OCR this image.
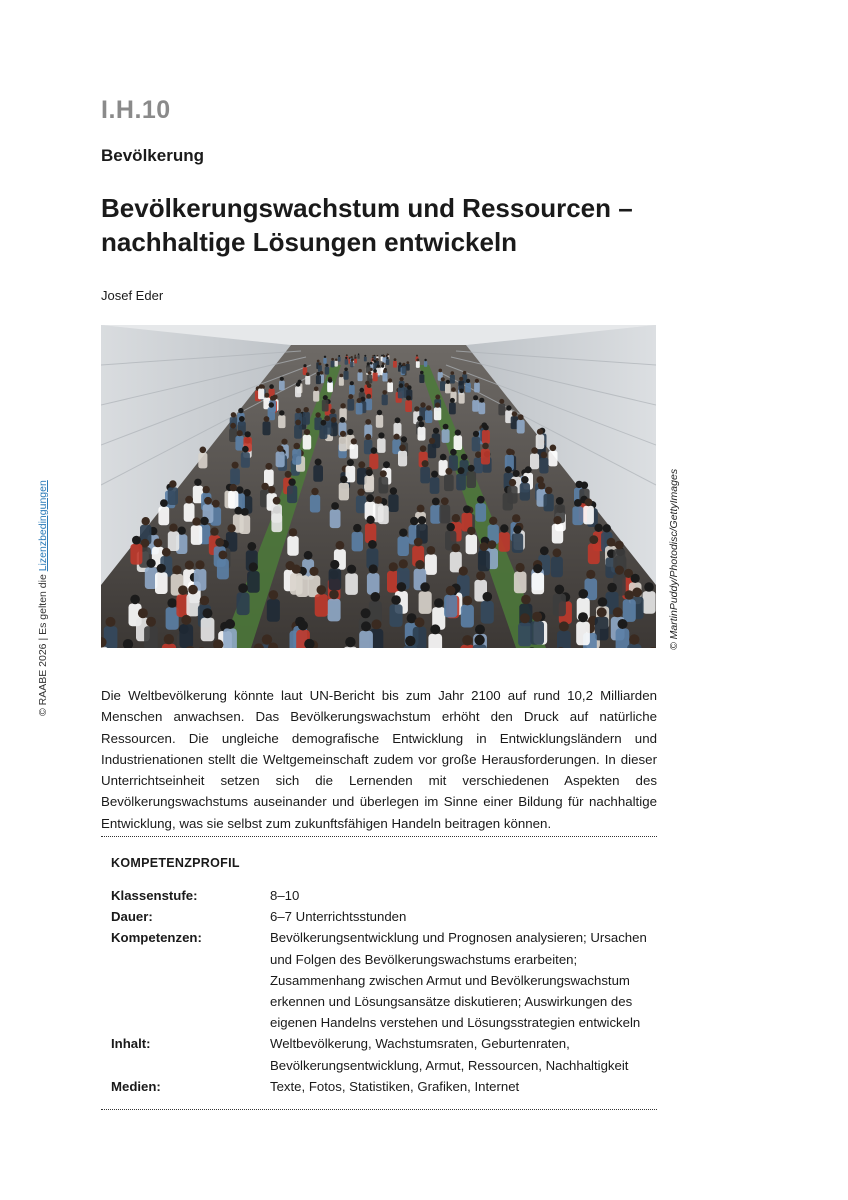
I.H.10
Bevölkerung
Bevölkerungswachstum und Ressourcen –
nachhaltige Lösungen entwickeln
Josef Eder
© MartinPuddy/Photodisc/GettyImages
© RAABE 2026 | Es gelten die Lizenzbedingungen

Die Weltbevölkerung könnte laut UN-Bericht bis zum Jahr 2100 auf rund 10,2 Milliarden Menschen anwachsen. Das Bevölkerungswachstum erhöht den Druck auf natürliche Ressourcen. Die ungleiche demografische Entwicklung in Entwicklungsländern und Industrienationen stellt die Weltgemeinschaft zudem vor große Herausforderungen. In dieser Unterrichtseinheit setzen sich die Lernenden mit verschiedenen Aspekten des Bevölkerungswachstums auseinander und überlegen im Sinne einer Bildung für nachhaltige Entwicklung, was sie selbst zum zukunftsfähigen Handeln beitragen können.

KOMPETENZPROFIL
Klassenstufe:	8–10
Dauer:	6–7 Unterrichtsstunden
Kompetenzen:	Bevölkerungsentwicklung und Prognosen analysieren; Ursachen und Folgen des Bevölkerungswachstums erarbeiten; Zusammenhang zwischen Armut und Bevölkerungswachstum erkennen und Lösungsansätze diskutieren; Auswirkungen des eigenen Handelns verstehen und Lösungsstrategien entwickeln
Inhalt:	Weltbevölkerung, Wachstumsraten, Geburtenraten, Bevölkerungsentwicklung, Armut, Ressourcen, Nachhaltigkeit
Medien:	Texte, Fotos, Statistiken, Grafiken, Internet
